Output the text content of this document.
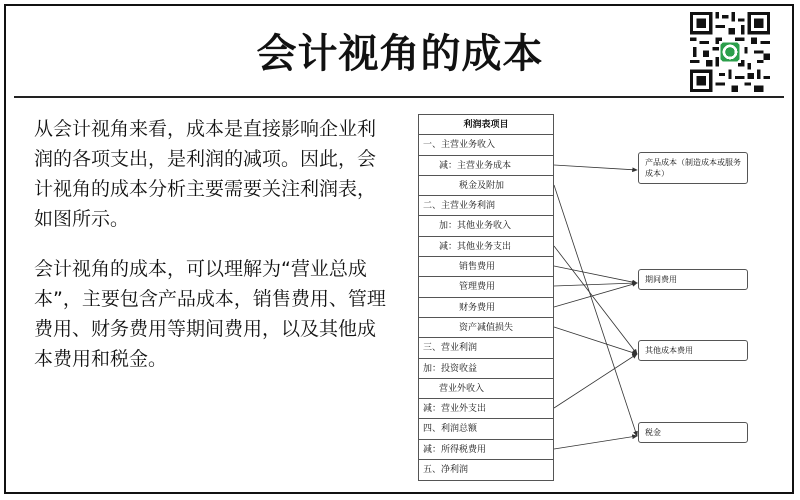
会计视角的成本

从会计视角来看，成本是直接影响企业利润的各项支出，是利润的减项。因此，会计视角的成本分析主要需要关注利润表，如图所示。

会计视角的成本，可以理解为“营业总成本”，主要包含产品成本，销售费用、管理费用、财务费用等期间费用，以及其他成本费用和税金。

利润表项目
一、主营业务收入
减：主营业务成本
税金及附加
二、主营业务利润
加：其他业务收入
减：其他业务支出
销售费用
管理费用
财务费用
资产减值损失
三、营业利润
加：投资收益
营业外收入
减：营业外支出
四、利润总额
减：所得税费用
五、净利润
产品成本（制造成本或服务成本）
期间费用
其他成本费用
税金
